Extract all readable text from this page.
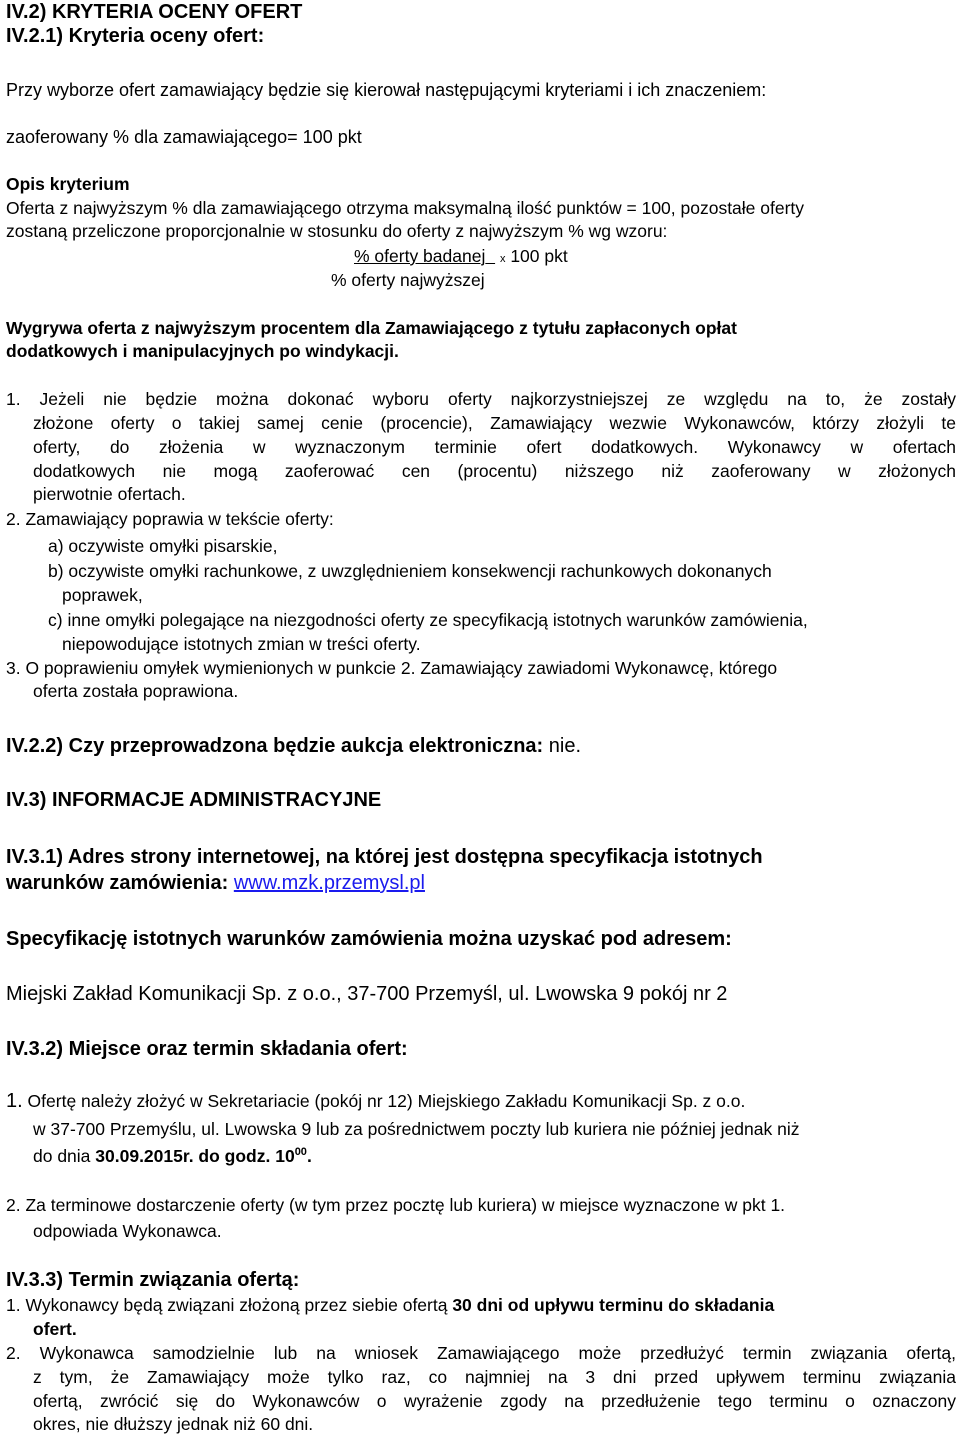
IV.2) KRYTERIA OCENY OFERT
IV.2.1) Kryteria oceny ofert:
Przy wyborze ofert zamawiający będzie się kierował następującymi kryteriami i ich znaczeniem:
zaoferowany % dla zamawiającego= 100 pkt
Opis kryterium
Oferta z najwyższym % dla zamawiającego otrzyma maksymalną ilość punktów = 100, pozostałe oferty
zostaną przeliczone proporcjonalnie w stosunku do oferty z najwyższym % wg wzoru:
% oferty badanej x 100 pkt
% oferty najwyższej
Wygrywa oferta z najwyższym procentem dla Zamawiającego z tytułu zapłaconych opłat
dodatkowych i manipulacyjnych po windykacji.
1. Jeżeli nie będzie można dokonać wyboru oferty najkorzystniejszej ze względu na to, że zostały
złożone oferty o takiej samej cenie (procencie), Zamawiający wezwie Wykonawców, którzy złożyli te
oferty, do złożenia w wyznaczonym terminie ofert dodatkowych. Wykonawcy w ofertach
dodatkowych nie mogą zaoferować cen (procentu) niższego niż zaoferowany w złożonych
pierwotnie ofertach.
2. Zamawiający poprawia w tekście oferty:
a) oczywiste omyłki pisarskie,
b) oczywiste omyłki rachunkowe, z uwzględnieniem konsekwencji rachunkowych dokonanych
poprawek,
c) inne omyłki polegające na niezgodności oferty ze specyfikacją istotnych warunków zamówienia,
niepowodujące istotnych zmian w treści oferty.
3. O poprawieniu omyłek wymienionych w punkcie 2. Zamawiający zawiadomi Wykonawcę, którego
oferta została poprawiona.
IV.2.2) Czy przeprowadzona będzie aukcja elektroniczna: nie.
IV.3) INFORMACJE ADMINISTRACYJNE
IV.3.1) Adres strony internetowej, na której jest dostępna specyfikacja istotnych
warunków zamówienia: www.mzk.przemysl.pl
Specyfikację istotnych warunków zamówienia można uzyskać pod adresem:
Miejski Zakład Komunikacji Sp. z o.o., 37-700 Przemyśl, ul. Lwowska 9 pokój nr 2
IV.3.2) Miejsce oraz termin składania ofert:
1. Ofertę należy złożyć w Sekretariacie (pokój nr 12) Miejskiego Zakładu Komunikacji Sp. z o.o.
w 37-700 Przemyślu, ul. Lwowska 9 lub za pośrednictwem poczty lub kuriera nie później jednak niż
do dnia 30.09.2015r. do godz. $10^{00}$.
2. Za terminowe dostarczenie oferty (w tym przez pocztę lub kuriera) w miejsce wyznaczone w pkt 1.
odpowiada Wykonawca.
IV.3.3) Termin związania ofertą:
1. Wykonawcy będą związani złożoną przez siebie ofertą 30 dni od upływu terminu do składania
ofert.
2. Wykonawca samodzielnie lub na wniosek Zamawiającego może przedłużyć termin związania ofertą,
z tym, że Zamawiający może tylko raz, co najmniej na 3 dni przed upływem terminu związania
ofertą, zwrócić się do Wykonawców o wyrażenie zgody na przedłużenie tego terminu o oznaczony
okres, nie dłuższy jednak niż 60 dni.
